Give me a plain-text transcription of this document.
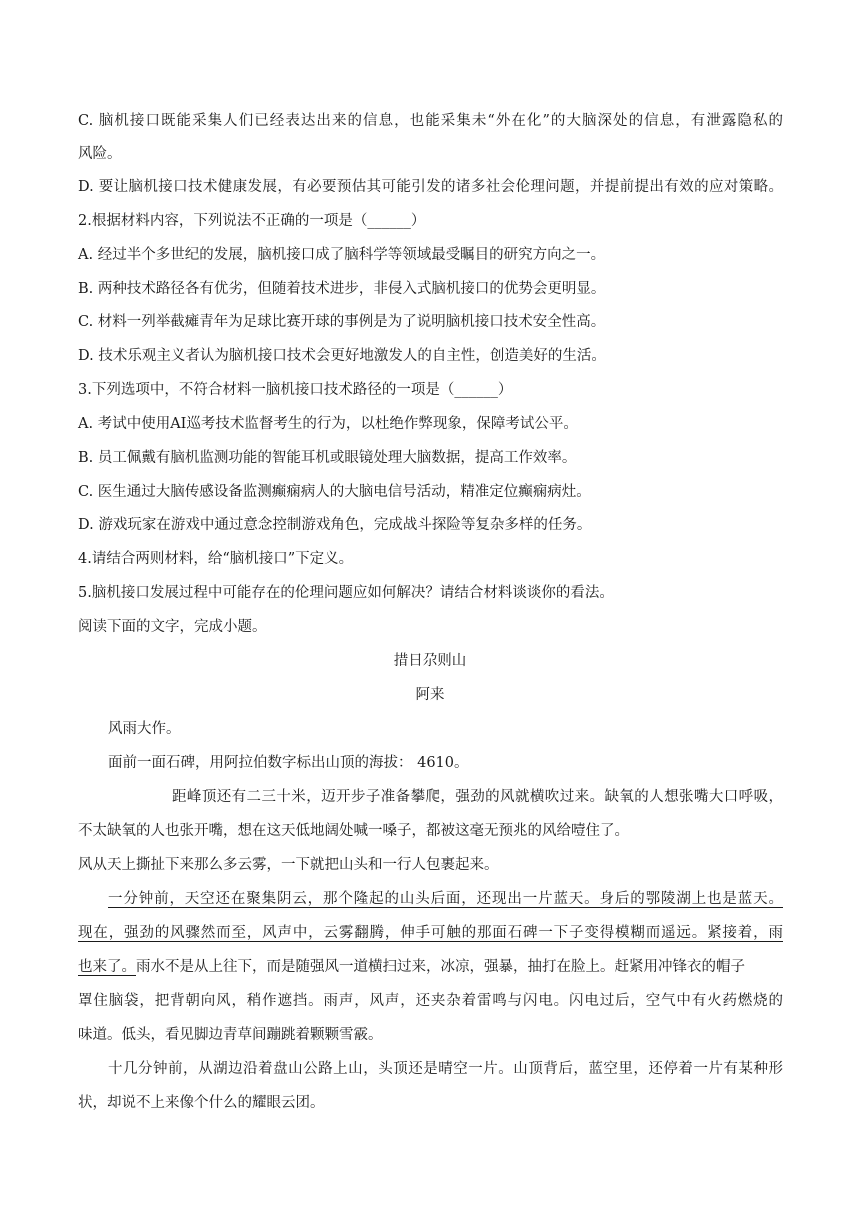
C. 脑机接口既能采集人们已经表达出来的信息，也能采集未“外在化”的大脑深处的信息，有泄露隐私的
风险。
D. 要让脑机接口技术健康发展，有必要预估其可能引发的诸多社会伦理问题，并提前提出有效的应对策略。
2.根据材料内容，下列说法不正确的一项是（______）
A. 经过半个多世纪的发展，脑机接口成了脑科学等领域最受瞩目的研究方向之一。
B. 两种技术路径各有优劣，但随着技术进步，非侵入式脑机接口的优势会更明显。
C. 材料一列举截瘫青年为足球比赛开球的事例是为了说明脑机接口技术安全性高。
D. 技术乐观主义者认为脑机接口技术会更好地激发人的自主性，创造美好的生活。
3.下列选项中，不符合材料一脑机接口技术路径的一项是（______）
A. 考试中使用AI巡考技术监督考生的行为，以杜绝作弊现象，保障考试公平。
B. 员工佩戴有脑机监测功能的智能耳机或眼镜处理大脑数据，提高工作效率。
C. 医生通过大脑传感设备监测癫痫病人的大脑电信号活动，精准定位癫痫病灶。
D. 游戏玩家在游戏中通过意念控制游戏角色，完成战斗探险等复杂多样的任务。
4.请结合两则材料，给“脑机接口”下定义。
5.脑机接口发展过程中可能存在的伦理问题应如何解决？请结合材料谈谈你的看法。
阅读下面的文字，完成小题。
措日尕则山
阿来
风雨大作。
面前一面石碑，用阿拉伯数字标出山顶的海拔： 4610。
距峰顶还有二三十米，迈开步子准备攀爬，强劲的风就横吹过来。缺氧的人想张嘴大口呼吸，
不太缺氧的人也张开嘴，想在这天低地阔处喊一嗓子，都被这毫无预兆的风给噎住了。
风从天上撕扯下来那么多云雾，一下就把山头和一行人包裹起来。
一分钟前，天空还在聚集阴云，那个隆起的山头后面，还现出一片蓝天。身后的鄂陵湖上也是蓝天。
现在，强劲的风骤然而至，风声中，云雾翻腾，伸手可触的那面石碑一下子变得模糊而遥远。紧接着，雨
也来了。雨水不是从上往下，而是随强风一道横扫过来，冰凉，强暴，抽打在脸上。赶紧用冲锋衣的帽子
罩住脑袋，把背朝向风，稍作遮挡。雨声，风声，还夹杂着雷鸣与闪电。闪电过后，空气中有火药燃烧的
味道。低头，看见脚边青草间蹦跳着颗颗雪霰。
十几分钟前，从湖边沿着盘山公路上山，头顶还是晴空一片。山顶背后，蓝空里，还停着一片有某种形
状，却说不上来像个什么的耀眼云团。
